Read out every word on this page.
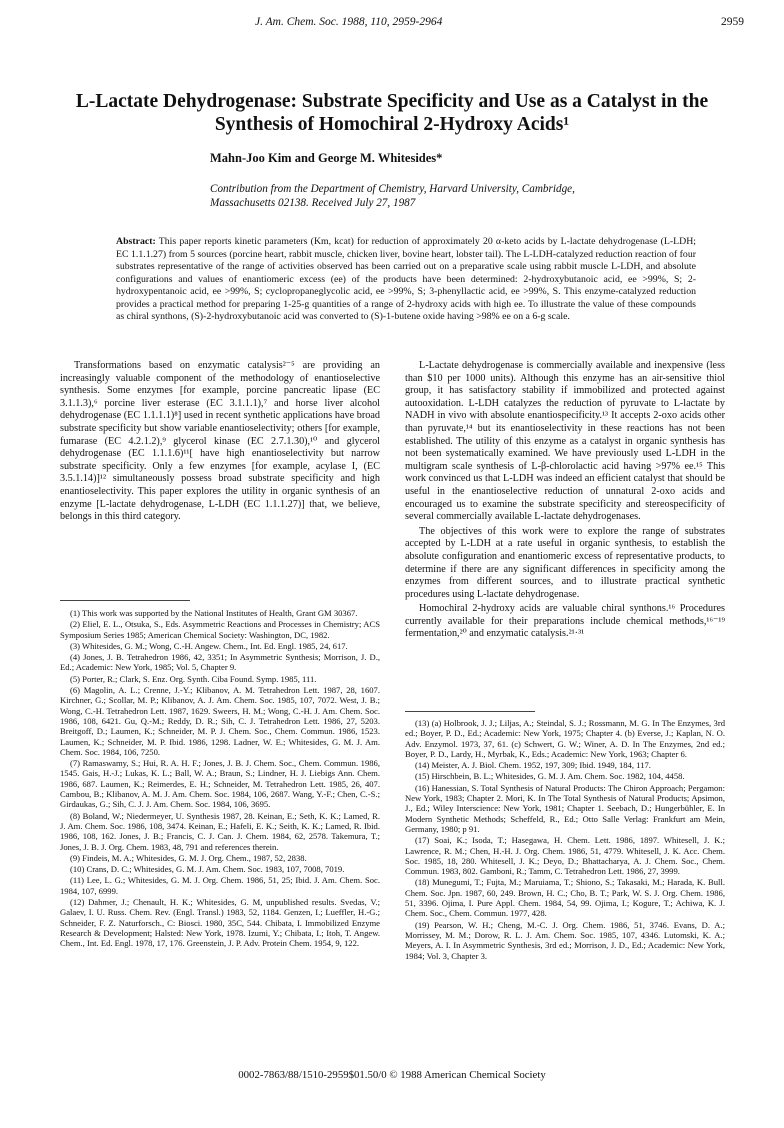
J. Am. Chem. Soc. 1988, 110, 2959-2964	2959
L-Lactate Dehydrogenase: Substrate Specificity and Use as a Catalyst in the Synthesis of Homochiral 2-Hydroxy Acids¹
Mahn-Joo Kim and George M. Whitesides*
Contribution from the Department of Chemistry, Harvard University, Cambridge, Massachusetts 02138. Received July 27, 1987
Abstract: This paper reports kinetic parameters (Km, kcat) for reduction of approximately 20 α-keto acids by L-lactate dehydrogenase (L-LDH; EC 1.1.1.27) from 5 sources (porcine heart, rabbit muscle, chicken liver, bovine heart, lobster tail). The L-LDH-catalyzed reduction reaction of four substrates representative of the range of activities observed has been carried out on a preparative scale using rabbit muscle L-LDH, and absolute configurations and values of enantiomeric excess (ee) of the products have been determined: 2-hydroxybutanoic acid, ee >99%, S; 2-hydroxypentanoic acid, ee >99%, S; cyclopropaneglycolic acid, ee >99%, S; 3-phenyllactic acid, ee >99%, S. This enzyme-catalyzed reduction provides a practical method for preparing 1-25-g quantities of a range of 2-hydroxy acids with high ee. To illustrate the value of these compounds as chiral synthons, (S)-2-hydroxybutanoic acid was converted to (S)-1-butene oxide having >98% ee on a 6-g scale.

Transformations based on enzymatic catalysis²⁻⁵ are providing an increasingly valuable component of the methodology of enantioselective synthesis. Some enzymes [for example, porcine pancreatic lipase (EC 3.1.1.3),⁶ porcine liver esterase (EC 3.1.1.1),⁷ and horse liver alcohol dehydrogenase (EC 1.1.1.1)⁸] used in recent synthetic applications have broad substrate specificity but show variable enantioselectivity; others [for example, fumarase (EC 4.2.1.2),⁹ glycerol kinase (EC 2.7.1.30),¹⁰ and glycerol dehydrogenase (EC 1.1.1.6)¹¹[ have high enantioselectivity but narrow substrate specificity. Only a few enzymes [for example, acylase I, (EC 3.5.1.14)]¹² simultaneously possess broad substrate specificity and high enantioselectivity. This paper explores the utility in organic synthesis of an enzyme [L-lactate dehydrogenase, L-LDH (EC 1.1.1.27)] that, we believe, belongs in this third category.

L-Lactate dehydrogenase is commercially available and inexpensive (less than $10 per 1000 units). Although this enzyme has an air-sensitive thiol group, it has satisfactory stability if immobilized and protected against autooxidation. L-LDH catalyzes the reduction of pyruvate to L-lactate by NADH in vivo with absolute enantiospecificity.¹³ It accepts 2-oxo acids other than pyruvate,¹⁴ but its enantioselectivity in these reactions has not been established. The utility of this enzyme as a catalyst in organic synthesis has not been systematically examined. We have previously used L-LDH in the multigram scale synthesis of L-β-chlorolactic acid having >97% ee.¹⁵ This work convinced us that L-LDH was indeed an efficient catalyst that should be useful in the enantioselective reduction of unnatural 2-oxo acids and encouraged us to examine the substrate specificity and stereospecificity of several commercially available L-lactate dehydrogenases.

The objectives of this work were to explore the range of substrates accepted by L-LDH at a rate useful in organic synthesis, to establish the absolute configuration and enantiomeric excess of representative products, to determine if there are any significant differences in specificity among the enzymes from different sources, and to illustrate practical synthetic procedures using L-lactate dehydrogenase.

Homochiral 2-hydroxy acids are valuable chiral synthons.¹⁶ Procedures currently available for their preparations include chemical methods,¹⁶⁻¹⁹ fermentation,²⁰ and enzymatic catalysis.²¹·³¹

(1) This work was supported by the National Institutes of Health, Grant GM 30367.
(2) Eliel, E. L., Otsuka, S., Eds. Asymmetric Reactions and Processes in Chemistry; ACS Symposium Series 1985; American Chemical Society: Washington, DC, 1982.
(3) Whitesides, G. M.; Wong, C.-H. Angew. Chem., Int. Ed. Engl. 1985, 24, 617.
(4) Jones, J. B. Tetrahedron 1986, 42, 3351; In Asymmetric Synthesis; Morrison, J. D., Ed.; Academic: New York, 1985; Vol. 5, Chapter 9.
(5) Porter, R.; Clark, S. Enz. Org. Synth. Ciba Found. Symp. 1985, 111.
(6) Magolin, A. L.; Crenne, J.-Y.; Klibanov, A. M. Tetrahedron Lett. 1987, 28, 1607. Kirchner, G.; Scollar, M. P.; Klibanov, A. J. Am. Chem. Soc. 1985, 107, 7072. West, J. B.; Wong, C.-H. Tetrahedron Lett. 1987, 1629. Sweers, H. M.; Wong, C.-H. J. Am. Chem. Soc. 1986, 108, 6421. Gu, Q.-M.; Reddy, D. R.; Sih, C. J. Tetrahedron Lett. 1986, 27, 5203. Breitgoff, D.; Laumen, K.; Schneider, M. P. J. Chem. Soc., Chem. Commun. 1986, 1523. Laumen, K.; Schneider, M. P. Ibid. 1986, 1298. Ladner, W. E.; Whitesides, G. M. J. Am. Chem. Soc. 1984, 106, 7250.
(7) Ramaswamy, S.; Hui, R. A. H. F.; Jones, J. B. J. Chem. Soc., Chem. Commun. 1986, 1545. Gais, H.-J.; Lukas, K. L.; Ball, W. A.; Braun, S.; Lindner, H. J. Liebigs Ann. Chem. 1986, 687. Laumen, K.; Reimerdes, E. H.; Schneider, M. Tetrahedron Lett. 1985, 26, 407. Cambou, B.; Klibanov, A. M. J. Am. Chem. Soc. 1984, 106, 2687. Wang, Y.-F.; Chen, C.-S.; Girdaukas, G.; Sih, C. J. J. Am. Chem. Soc. 1984, 106, 3695.
(8) Boland, W.; Niedermeyer, U. Synthesis 1987, 28. Keinan, E.; Seth, K. K.; Lamed, R. J. Am. Chem. Soc. 1986, 108, 3474. Keinan, E.; Hafeli, E. K.; Seith, K. K.; Lamed, R. Ibid. 1986, 108, 162. Jones, J. B.; Francis, C. J. Can. J. Chem. 1984, 62, 2578. Takemura, T.; Jones, J. B. J. Org. Chem. 1983, 48, 791 and references therein.
(9) Findeis, M. A.; Whitesides, G. M. J. Org. Chem., 1987, 52, 2838.
(10) Crans, D. C.; Whitesides, G. M. J. Am. Chem. Soc. 1983, 107, 7008, 7019.
(11) Lee, L. G.; Whitesides, G. M. J. Org. Chem. 1986, 51, 25; Ibid. J. Am. Chem. Soc. 1984, 107, 6999.
(12) Dahmer, J.; Chenault, H. K.; Whitesides, G. M, unpublished results. Svedas, V.; Galaev, I. U. Russ. Chem. Rev. (Engl. Transl.) 1983, 52, 1184. Genzen, I.; Lueffler, H.-G.; Schneider, F. Z. Naturforsch., C: Biosci. 1980, 35C, 544. Chibata, I. Immobilized Enzyme Research & Development; Halsted: New York, 1978. Izumi, Y.; Chibata, I.; Itoh, T. Angew. Chem., Int. Ed. Engl. 1978, 17, 176. Greenstein, J. P. Adv. Protein Chem. 1954, 9, 122.
(13) (a) Holbrook, J. J.; Liljas, A.; Steindal, S. J.; Rossmann, M. G. In The Enzymes, 3rd ed.; Boyer, P. D., Ed.; Academic: New York, 1975; Chapter 4. (b) Everse, J.; Kaplan, N. O. Adv. Enzymol. 1973, 37, 61. (c) Schwert, G. W.; Winer, A. D. In The Enzymes, 2nd ed.; Boyer, P. D., Lardy, H., Myrbak, K., Eds.; Academic: New York, 1963; Chapter 6.
(14) Meister, A. J. Biol. Chem. 1952, 197, 309; Ibid. 1949, 184, 117.
(15) Hirschbein, B. L.; Whitesides, G. M. J. Am. Chem. Soc. 1982, 104, 4458.
(16) Hanessian, S. Total Synthesis of Natural Products: The Chiron Approach; Pergamon: New York, 1983; Chapter 2. Mori, K. In The Total Synthesis of Natural Products; Apsimon, J., Ed.; Wiley Interscience: New York, 1981; Chapter 1. Seebach, D.; Hungerbühler, E. In Modern Synthetic Methods; Scheffeld, R., Ed.; Otto Salle Verlag: Frankfurt am Mein, Germany, 1980; p 91.
(17) Soai, K.; Isoda, T.; Hasegawa, H. Chem. Lett. 1986, 1897. Whitesell, J. K.; Lawrence, R. M.; Chen, H.-H. J. Org. Chem. 1986, 51, 4779. Whitesell, J. K. Acc. Chem. Soc. 1985, 18, 280. Whitesell, J. K.; Deyo, D.; Bhattacharya, A. J. Chem. Soc., Chem. Commun. 1983, 802. Gamboni, R.; Tamm, C. Tetrahedron Lett. 1986, 27, 3999.
(18) Munegumi, T.; Fujta, M.; Maruiama, T.; Shiono, S.; Takasaki, M.; Harada, K. Bull. Chem. Soc. Jpn. 1987, 60, 249. Brown, H. C.; Cho, B. T.; Park, W. S. J. Org. Chem. 1986, 51, 3396. Ojima, I. Pure Appl. Chem. 1984, 54, 99. Ojima, I.; Kogure, T.; Achiwa, K. J. Chem. Soc., Chem. Commun. 1977, 428.
(19) Pearson, W. H.; Cheng, M.-C. J. Org. Chem. 1986, 51, 3746. Evans, D. A.; Morrissey, M. M.; Dorow, R. L. J. Am. Chem. Soc. 1985, 107, 4346. Lutomski, K. A.; Meyers, A. I. In Asymmetric Synthesis, 3rd ed.; Morrison, J. D., Ed.; Academic: New York, 1984; Vol. 3, Chapter 3.
0002-7863/88/1510-2959$01.50/0 © 1988 American Chemical Society
